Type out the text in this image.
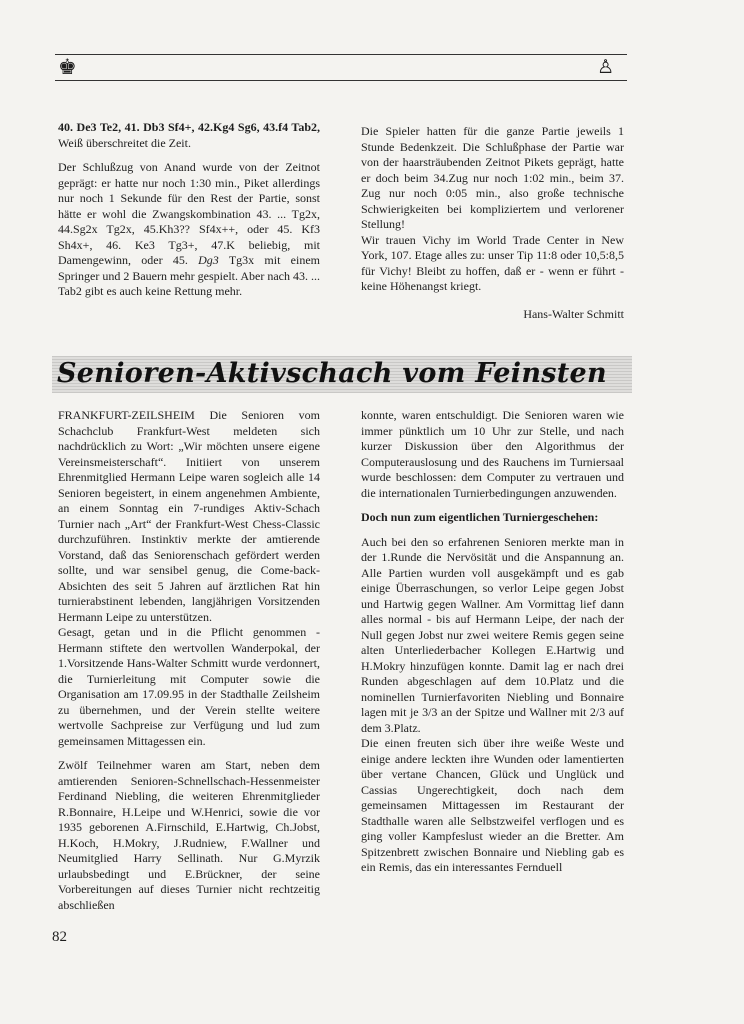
♚	♙

40. De3 Te2, 41. Db3 Sf4+, 42.Kg4 Sg6, 43.f4 Tab2, Weiß überschreitet die Zeit.

Der Schlußzug von Anand wurde von der Zeitnot geprägt: er hatte nur noch 1:30 min., Piket allerdings nur noch 1 Sekunde für den Rest der Partie, sonst hätte er wohl die Zwangskombination 43. ... Tg2x, 44.Sg2x Tg2x, 45.Kh3?? Sf4x++, oder 45. Kf3 Sh4x+, 46. Ke3 Tg3+, 47.K beliebig, mit Damengewinn, oder 45. Dg3 Tg3x mit einem Springer und 2 Bauern mehr gespielt. Aber nach 43. ... Tab2 gibt es auch keine Rettung mehr.

Die Spieler hatten für die ganze Partie jeweils 1 Stunde Bedenkzeit. Die Schlußphase der Partie war von der haarsträubenden Zeitnot Pikets geprägt, hatte er doch beim 34.Zug nur noch 1:02 min., beim 37. Zug nur noch 0:05 min., also große technische Schwierigkeiten bei kompliziertem und verlorener Stellung!

Wir trauen Vichy im World Trade Center in New York, 107. Etage alles zu: unser Tip 11:8 oder 10,5:8,5 für Vichy! Bleibt zu hoffen, daß er - wenn er führt - keine Höhenangst kriegt.

Hans-Walter Schmitt
Senioren-Aktivschach vom Feinsten

FRANKFURT-ZEILSHEIM Die Senioren vom Schachclub Frankfurt-West meldeten sich nachdrücklich zu Wort: „Wir möchten unsere eigene Vereinsmeisterschaft“. Initiiert von unserem Ehrenmitglied Hermann Leipe waren sogleich alle 14 Senioren begeistert, in einem angenehmen Ambiente, an einem Sonntag ein 7-rundiges Aktiv-Schach Turnier nach „Art“ der Frankfurt-West Chess-Classic durchzuführen. Instinktiv merkte der amtierende Vorstand, daß das Seniorenschach gefördert werden sollte, und war sensibel genug, die Come-back-Absichten des seit 5 Jahren auf ärztlichen Rat hin turnierabstinent lebenden, langjährigen Vorsitzenden Hermann Leipe zu unterstützen.

Gesagt, getan und in die Pflicht genommen - Hermann stiftete den wertvollen Wanderpokal, der 1.Vorsitzende Hans-Walter Schmitt wurde verdonnert, die Turnierleitung mit Computer sowie die Organisation am 17.09.95 in der Stadthalle Zeilsheim zu übernehmen, und der Verein stellte weitere wertvolle Sachpreise zur Verfügung und lud zum gemeinsamen Mittagessen ein.

Zwölf Teilnehmer waren am Start, neben dem amtierenden Senioren-Schnellschach-Hessenmeister Ferdinand Niebling, die weiteren Ehrenmitglieder R.Bonnaire, H.Leipe und W.Henrici, sowie die vor 1935 geborenen A.Firnschild, E.Hartwig, Ch.Jobst, H.Koch, H.Mokry, J.Rudniew, F.Wallner und Neumitglied Harry Sellinath. Nur G.Myrzik urlaubsbedingt und E.Brückner, der seine Vorbereitungen auf dieses Turnier nicht rechtzeitig abschließen

konnte, waren entschuldigt. Die Senioren waren wie immer pünktlich um 10 Uhr zur Stelle, und nach kurzer Diskussion über den Algorithmus der Computerauslosung und des Rauchens im Turniersaal wurde beschlossen: dem Computer zu vertrauen und die internationalen Turnierbedingungen anzuwenden.

Doch nun zum eigentlichen Turniergeschehen:

Auch bei den so erfahrenen Senioren merkte man in der 1.Runde die Nervösität und die Anspannung an. Alle Partien wurden voll ausgekämpft und es gab einige Überraschungen, so verlor Leipe gegen Jobst und Hartwig gegen Wallner. Am Vormittag lief dann alles normal - bis auf Hermann Leipe, der nach der Null gegen Jobst nur zwei weitere Remis gegen seine alten Unterliederbacher Kollegen E.Hartwig und H.Mokry hinzufügen konnte. Damit lag er nach drei Runden abgeschlagen auf dem 10.Platz und die nominellen Turnierfavoriten Niebling und Bonnaire lagen mit je 3/3 an der Spitze und Wallner mit 2/3 auf dem 3.Platz.

Die einen freuten sich über ihre weiße Weste und einige andere leckten ihre Wunden oder lamentierten über vertane Chancen, Glück und Unglück und Cassias Ungerechtigkeit, doch nach dem gemeinsamen Mittagessen im Restaurant der Stadthalle waren alle Selbstzweifel verflogen und es ging voller Kampfeslust wieder an die Bretter. Am Spitzenbrett zwischen Bonnaire und Niebling gab es ein Remis, das ein interessantes Fernduell

82
